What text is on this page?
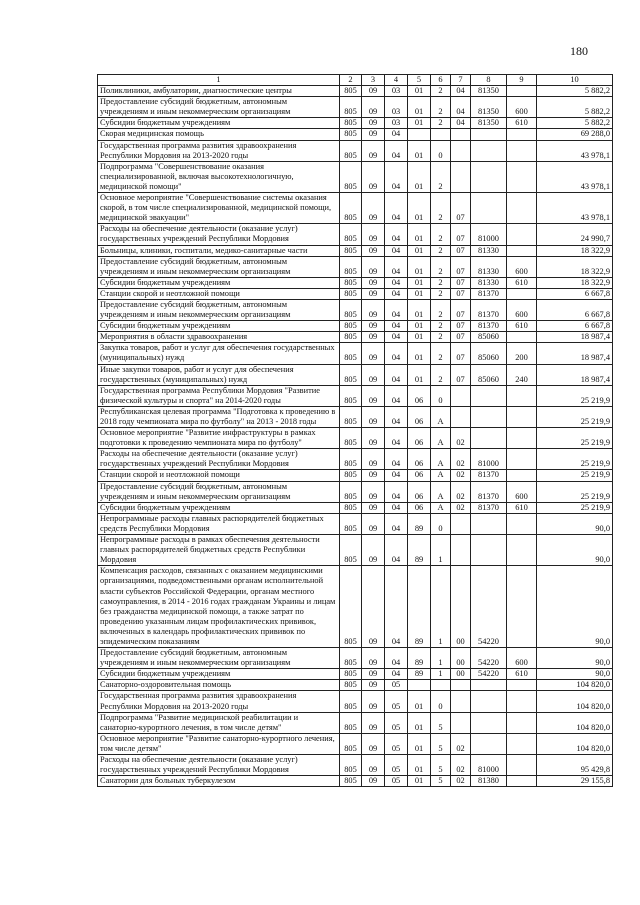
180
1	2	3	4	5	6	7	8	9	10
Поликлиники, амбулатории, диагностические центры	805	09	03	01	2	04	81350		5 882,2
Предоставление субсидий бюджетным, автономным учреждениям и иным некоммерческим организациям	805	09	03	01	2	04	81350	600	5 882,2
Субсидии бюджетным учреждениям	805	09	03	01	2	04	81350	610	5 882,2
Скорая медицинская помощь	805	09	04						69 288,0
Государственная программа развития здравоохранения Республики Мордовия на 2013-2020 годы	805	09	04	01	0				43 978,1
Подпрограмма "Совершенствование оказания специализированной, включая высокотехнологичную, медицинской помощи"	805	09	04	01	2				43 978,1
Основное мероприятие "Совершенствование системы оказания скорой, в том числе специализированной, медицинской помощи, медицинской эвакуации"	805	09	04	01	2	07			43 978,1
Расходы на обеспечение деятельности (оказание услуг) государственных учреждений Республики Мордовия	805	09	04	01	2	07	81000		24 990,7
Больницы, клиники, госпитали, медико-санитарные части	805	09	04	01	2	07	81330		18 322,9
Предоставление субсидий бюджетным, автономным учреждениям и иным некоммерческим организациям	805	09	04	01	2	07	81330	600	18 322,9
Субсидии бюджетным учреждениям	805	09	04	01	2	07	81330	610	18 322,9
Станции скорой и неотложной помощи	805	09	04	01	2	07	81370		6 667,8
Предоставление субсидий бюджетным, автономным учреждениям и иным некоммерческим организациям	805	09	04	01	2	07	81370	600	6 667,8
Субсидии бюджетным учреждениям	805	09	04	01	2	07	81370	610	6 667,8
Мероприятия в области здравоохранения	805	09	04	01	2	07	85060		18 987,4
Закупка товаров, работ и услуг для обеспечения государственных (муниципальных) нужд	805	09	04	01	2	07	85060	200	18 987,4
Иные закупки товаров, работ и услуг для обеспечения государственных (муниципальных) нужд	805	09	04	01	2	07	85060	240	18 987,4
Государственная программа Республики Мордовия "Развитие физической культуры и спорта" на 2014-2020 годы	805	09	04	06	0				25 219,9
Республиканская целевая программа "Подготовка к проведению в 2018 году чемпионата мира по футболу" на 2013 - 2018 годы	805	09	04	06	А				25 219,9
Основное мероприятие "Развитие инфраструктуры в рамках подготовки к проведению чемпионата мира по футболу"	805	09	04	06	А	02			25 219,9
Расходы на обеспечение деятельности (оказание услуг) государственных учреждений Республики Мордовия	805	09	04	06	А	02	81000		25 219,9
Станции скорой и неотложной помощи	805	09	04	06	А	02	81370		25 219,9
Предоставление субсидий бюджетным, автономным учреждениям и иным некоммерческим организациям	805	09	04	06	А	02	81370	600	25 219,9
Субсидии бюджетным учреждениям	805	09	04	06	А	02	81370	610	25 219,9
Непрограммные расходы главных распорядителей бюджетных средств Республики Мордовия	805	09	04	89	0				90,0
Непрограммные расходы в рамках обеспечения деятельности главных распорядителей бюджетных средств Республики Мордовия	805	09	04	89	1				90,0
Компенсация расходов, связанных с оказанием медицинскими организациями, подведомственными органам исполнительной власти субъектов Российской Федерации, органам местного самоуправления, в 2014 - 2016 годах гражданам Украины и лицам без гражданства медицинской помощи, а также затрат по проведению указанным лицам профилактических прививок, включенных в календарь профилактических прививок по эпидемическим показаниям	805	09	04	89	1	00	54220		90,0
Предоставление субсидий бюджетным, автономным учреждениям и иным некоммерческим организациям	805	09	04	89	1	00	54220	600	90,0
Субсидии бюджетным учреждениям	805	09	04	89	1	00	54220	610	90,0
Санаторно-оздоровительная помощь	805	09	05						104 820,0
Государственная программа развития здравоохранения Республики Мордовия на 2013-2020 годы	805	09	05	01	0				104 820,0
Подпрограмма "Развитие медицинской реабилитации и санаторно-курортного лечения, в том числе детям"	805	09	05	01	5				104 820,0
Основное мероприятие "Развитие санаторно-курортного лечения, том числе детям"	805	09	05	01	5	02			104 820,0
Расходы на обеспечение деятельности (оказание услуг) государственных учреждений Республики Мордовия	805	09	05	01	5	02	81000		95 429,8
Санатории для больных туберкулезом	805	09	05	01	5	02	81380		29 155,8
